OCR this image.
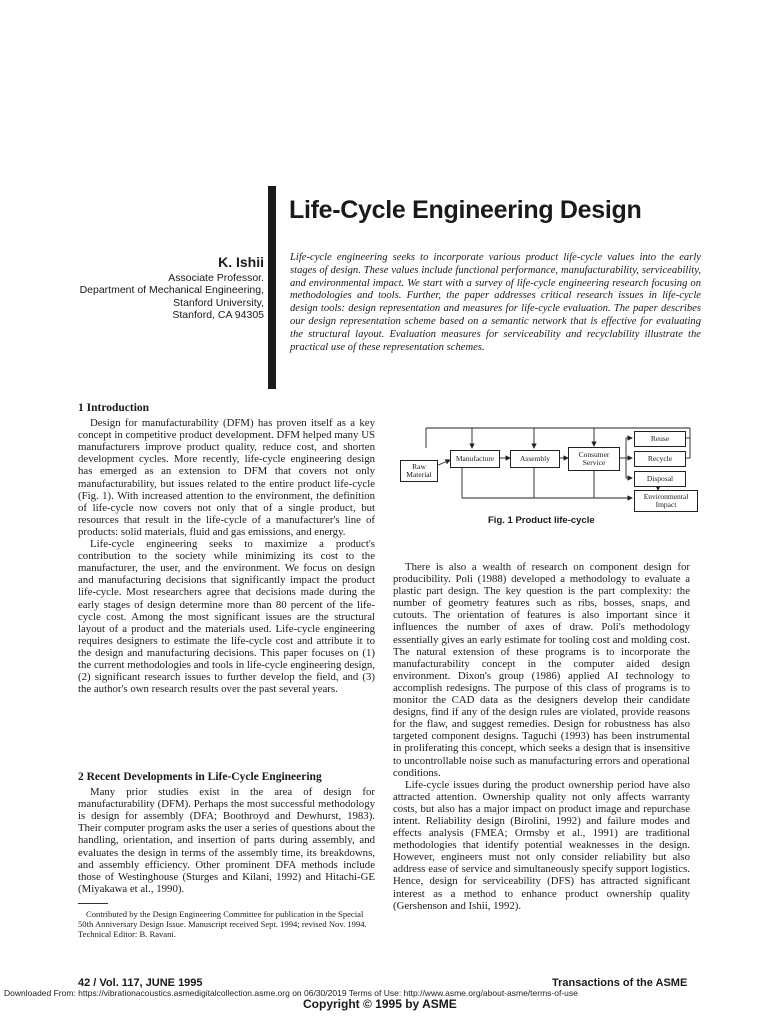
Life-Cycle Engineering Design
K. Ishii
Associate Professor.
Department of Mechanical Engineering,
Stanford University,
Stanford, CA 94305
Life-cycle engineering seeks to incorporate various product life-cycle values into the early stages of design. These values include functional performance, manufacturability, serviceability, and environmental impact. We start with a survey of life-cycle engineering research focusing on methodologies and tools. Further, the paper addresses critical research issues in life-cycle design tools: design representation and measures for life-cycle evaluation. The paper describes our design representation scheme based on a semantic network that is effective for evaluating the structural layout. Evaluation measures for serviceability and recyclability illustrate the practical use of these representation schemes.
1 Introduction

Design for manufacturability (DFM) has proven itself as a key concept in competitive product development. DFM helped many US manufacturers improve product quality, reduce cost, and shorten development cycles. More recently, life-cycle engineering design has emerged as an extension to DFM that covers not only manufacturability, but issues related to the entire product life-cycle (Fig. 1). With increased attention to the environment, the definition of life-cycle now covers not only that of a single product, but resources that result in the life-cycle of a manufacturer's line of products: solid materials, fluid and gas emissions, and energy.

Life-cycle engineering seeks to maximize a product's contribution to the society while minimizing its cost to the manufacturer, the user, and the environment. We focus on design and manufacturing decisions that significantly impact the product life-cycle. Most researchers agree that decisions made during the early stages of design determine more than 80 percent of the life-cycle cost. Among the most significant issues are the structural layout of a product and the materials used. Life-cycle engineering requires designers to estimate the life-cycle cost and attribute it to the design and manufacturing decisions. This paper focuses on (1) the current methodologies and tools in life-cycle engineering design, (2) significant research issues to further develop the field, and (3) the author's own research results over the past several years.

2 Recent Developments in Life-Cycle Engineering

Many prior studies exist in the area of design for manufacturability (DFM). Perhaps the most successful methodology is design for assembly (DFA; Boothroyd and Dewhurst, 1983). Their computer program asks the user a series of questions about the handling, orientation, and insertion of parts during assembly, and evaluates the design in terms of the assembly time, its breakdowns, and assembly efficiency. Other prominent DFA methods include those of Westinghouse (Sturges and Kilani, 1992) and Hitachi-GE (Miyakawa et al., 1990).

Contributed by the Design Engineering Committee for publication in the Special 50th Anniversary Design Issue. Manuscript received Sept. 1994; revised Nov. 1994. Technical Editor: B. Ravani.

There is also a wealth of research on component design for producibility. Poli (1988) developed a methodology to evaluate a plastic part design. The key question is the part complexity: the number of geometry features such as ribs, bosses, snaps, and cutouts. The orientation of features is also important since it influences the number of axes of draw. Poli's methodology essentially gives an early estimate for tooling cost and molding cost. The natural extension of these programs is to incorporate the manufacturability concept in the computer aided design environment. Dixon's group (1986) applied AI technology to accomplish redesigns. The purpose of this class of programs is to monitor the CAD data as the designers develop their candidate designs, find if any of the design rules are violated, provide reasons for the flaw, and suggest remedies. Design for robustness has also targeted component designs. Taguchi (1993) has been instrumental in proliferating this concept, which seeks a design that is insensitive to uncontrollable noise such as manufacturing errors and operational conditions.

Life-cycle issues during the product ownership period have also attracted attention. Ownership quality not only affects warranty costs, but also has a major impact on product image and repurchase intent. Reliability design (Birolini, 1992) and failure modes and effects analysis (FMEA; Ormsby et al., 1991) are traditional methodologies that identify potential weaknesses in the design. However, engineers must not only consider reliability but also address ease of service and simultaneously specify support logistics. Hence, design for serviceability (DFS) has attracted significant interest as a method to enhance product ownership quality (Gershenson and Ishii, 1992).

Raw Material
Manufacture	Assembly	Consumer Service
Reuse
Recycle
Disposal
Environmental Impact
Fig. 1 Product life-cycle
42 / Vol. 117, JUNE 1995	Transactions of the ASME
Downloaded From: https://vibrationacoustics.asmedigitalcollection.asme.org on 06/30/2019 Terms of Use: http://www.asme.org/about-asme/terms-of-use
Copyright © 1995 by ASME
